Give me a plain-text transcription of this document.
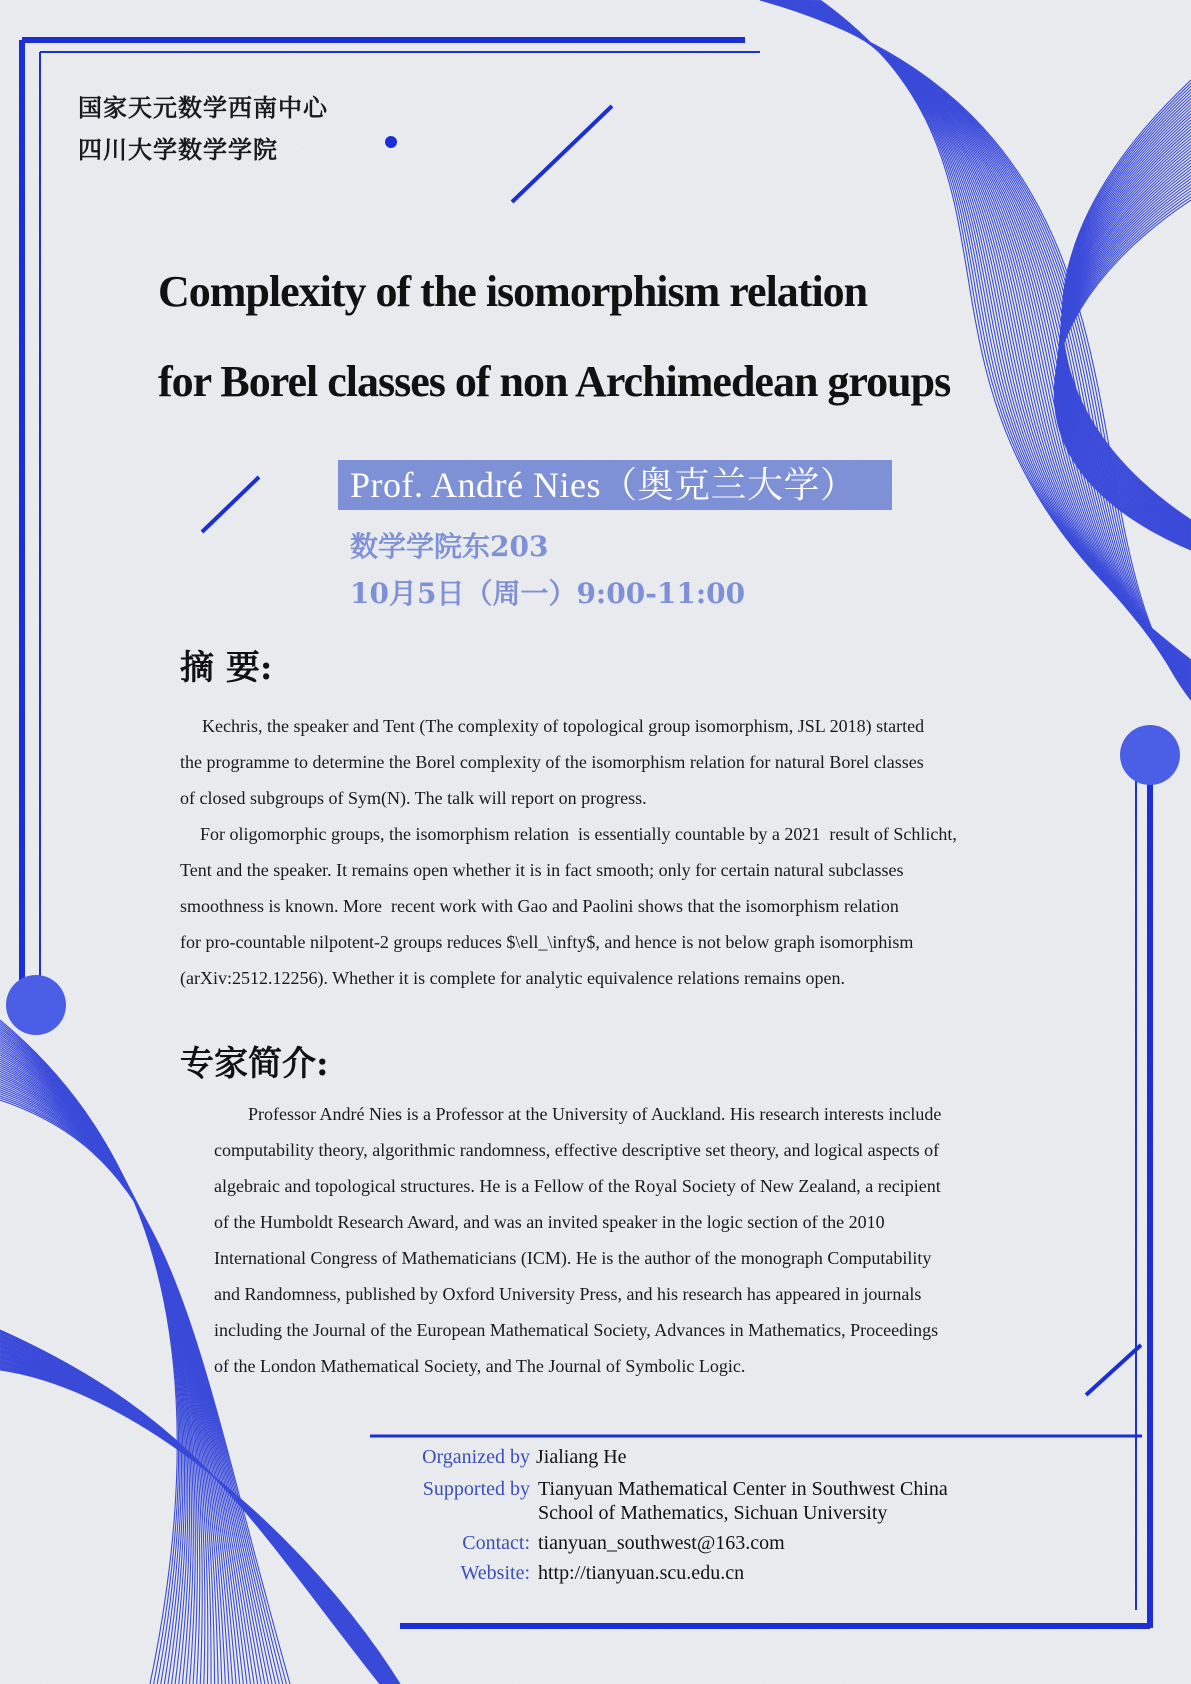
国家天元数学西南中心
四川大学数学学院
Complexity of the isomorphism relation
for Borel classes of non Archimedean groups
Prof. André Nies（奥克兰大学）
数学学院东203
10月5日（周一）9:00-11:00
摘 要:

Kechris, the speaker and Tent (The complexity of topological group isomorphism, JSL 2018) started

the programme to determine the Borel complexity of the isomorphism relation for natural Borel classes

of closed subgroups of Sym(N). The talk will report on progress.

For oligomorphic groups, the isomorphism relation  is essentially countable by a 2021  result of Schlicht,

Tent and the speaker. It remains open whether it is in fact smooth; only for certain natural subclasses

smoothness is known. More  recent work with Gao and Paolini shows that the isomorphism relation

for pro-countable nilpotent-2 groups reduces $\ell_\infty$, and hence is not below graph isomorphism

(arXiv:2512.12256). Whether it is complete for analytic equivalence relations remains open.

专家简介:

Professor André Nies is a Professor at the University of Auckland. His research interests include

computability theory, algorithmic randomness, effective descriptive set theory, and logical aspects of

algebraic and topological structures. He is a Fellow of the Royal Society of New Zealand, a recipient

of the Humboldt Research Award, and was an invited speaker in the logic section of the 2010

International Congress of Mathematicians (ICM). He is the author of the monograph Computability

and Randomness, published by Oxford University Press, and his research has appeared in journals

including the Journal of the European Mathematical Society, Advances in Mathematics, Proceedings

of the London Mathematical Society, and The Journal of Symbolic Logic.

Organized by Jialiang He
Supported by Tianyuan Mathematical Center in Southwest China
School of Mathematics, Sichuan University
Contact: tianyuan_southwest@163.com
Website: http://tianyuan.scu.edu.cn
